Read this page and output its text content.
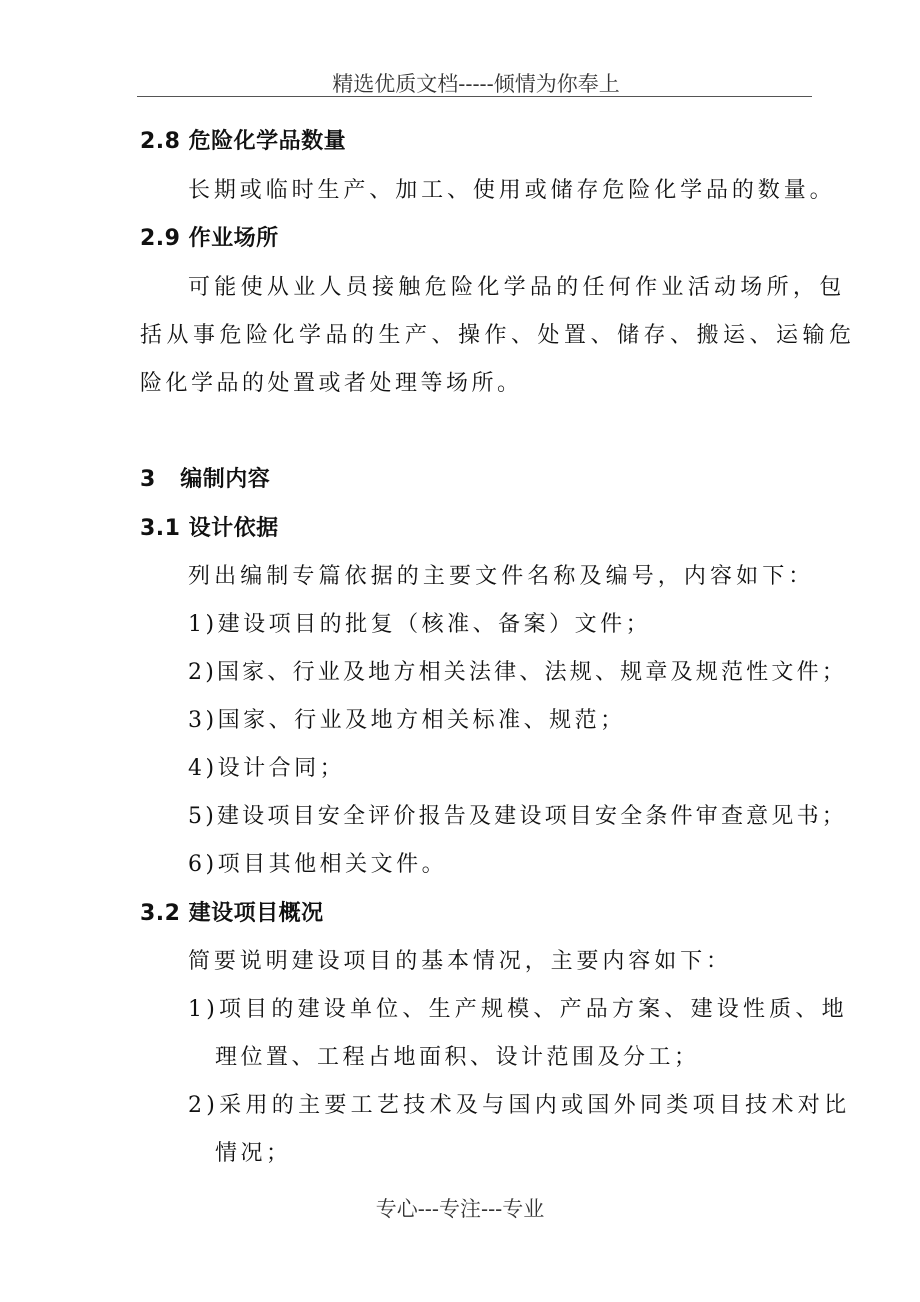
精选优质文档-----倾情为你奉上
2.8 危险化学品数量
长期或临时生产、加工、使用或储存危险化学品的数量。
2.9 作业场所
可能使从业人员接触危险化学品的任何作业活动场所，包
括从事危险化学品的生产、操作、处置、储存、搬运、运输危
险化学品的处置或者处理等场所。
3   编制内容
3.1 设计依据
列出编制专篇依据的主要文件名称及编号，内容如下：
1)建设项目的批复（核准、备案）文件；
2)国家、行业及地方相关法律、法规、规章及规范性文件；
3)国家、行业及地方相关标准、规范；
4)设计合同；
5)建设项目安全评价报告及建设项目安全条件审查意见书；
6)项目其他相关文件。
3.2 建设项目概况
简要说明建设项目的基本情况，主要内容如下：
1)项目的建设单位、生产规模、产品方案、建设性质、地
理位置、工程占地面积、设计范围及分工；
2)采用的主要工艺技术及与国内或国外同类项目技术对比
情况；
专心---专注---专业
